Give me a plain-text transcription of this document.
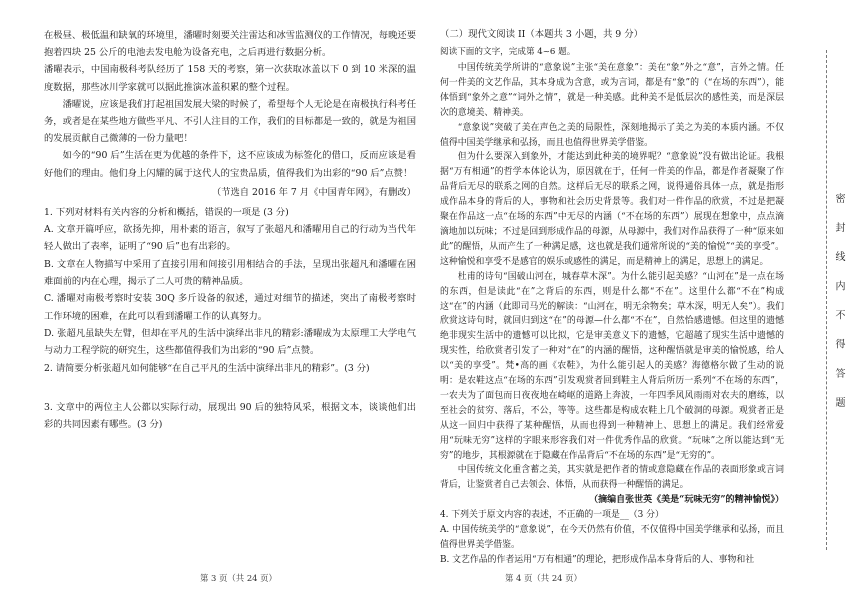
在极昼、极低温和缺氧的环境里，潘曜时刻要关注雷达和冰雪监测仪的工作情况，每晚还要抱着四块 25 公斤的电池去发电舱为设备充电，之后再进行数据分析。

潘曜表示，中国南极科考队经历了 158 天的考察，第一次获取冰盖以下 0 到 10 米深的温度数据，那些冰川学家就可以据此推演冰盖积累的整个过程。

潘曜说，应该是我们打起祖国发展大梁的时候了，希望每个人无论是在南极执行科考任务，或者是在某些地方做些平凡、不引人注目的工作，我们的目标都是一致的，就是为祖国的发展贡献自己微薄的一份力量吧！

如今的“90 后”生活在更为优越的条件下，这不应该成为标签化的借口，反而应该是看好他们的理由。他们身上闪耀的属于这代人的宝贵品质，值得我们为出彩的“90 后”点赞！

（节选自 2016 年 7 月《中国青年网》，有删改）

1. 下列对材料有关内容的分析和概括，错误的一项是 (3 分)

A. 文章开篇呼应，欲扬先抑，用朴素的语言，叙写了张超凡和潘曜用自己的行动为当代年轻人做出了表率，证明了“90 后”也有出彩的。

B. 文章在人物描写中采用了直接引用和间接引用相结合的手法，呈现出张超凡和潘曜在困难面前的内在心理，揭示了二人可贵的精神品质。

C. 潘曜对南极考察时安装 30Q 多斤设备的叙述，通过对细节的描述，突出了南极考察时工作环境的困难，在此可以看到潘曜工作的认真努力。

D. 张超凡虽缺失左臂，但却在平凡的生活中演绎出非凡的精彩:潘曜成为太原理工大学电气与动力工程学院的研究生，这些都值得我们为出彩的“90 后”点赞。

2. 请简要分析张超凡如何能够“在自己平凡的生活中演绎出非凡的精彩”。(3 分)

3. 文章中的两位主人公都以实际行动，展现出 90 后的独特风采，根据文本，谈谈他们出彩的共同因素有哪些。(3 分)

第 3 页（共 24 页）

（二）现代文阅读 II（本题共 3 小题，共 9 分）

阅读下面的文字，完成第 4~6 题。

中国传统美学所讲的“意象说”主张“美在意象”：美在“象”外之“意”，言外之情。任何一件美的文艺作品，其本身成为含意，或为言词，都是有“象”的（“在场的东西”），能体悟到“象外之意”“词外之情”，就是一种美感。此种美不是低层次的感性美，而是深层次的意境美、精神美。

“意象说”突破了美在声色之美的局限性，深刻地揭示了美之为美的本质内涵。不仅值得中国美学继承和弘扬，而且也值得世界美学借鉴。

但为什么要深入到象外，才能达到此种美的境界呢？“意象说”没有做出论证。我根据“万有相通”的哲学本体论认为，原因就在于，任何一件美的作品，都是作者凝聚了作品背后无尽的联系之网的自然。这样后无尽的联系之网，说得通俗具体一点，就是指形成作品本身的背后的人，事物和社会历史背景等。我们对一件作品的欣赏，不过是把凝聚在作品这一点“在场的东西”中无尽的内涵（“不在场的东西”）展现在想象中，点点滴滴地加以玩味；不过是回到形成作品的母源，从母源中，我们对作品获得了一种“原来如此”的醒悟，从而产生了一种满足感，这也就是我们通常所说的“美的愉悦”“美的享受”。这种愉悦和享受不是感官的娱乐或感性的满足，而是精神上的满足，思想上的满足。

杜甫的诗句“国破山河在，城春草木深”。为什么能引起美感？“山河在”是一点在场的东西，但是读此“在”之背后的东西，则是什么都“不在”。这里什么都“不在”构成这“在”的内涵（此即司马光的解读：“山河在，明无余物矣；草木深，明无人矣”）。我们欣赏这诗句时，就回归到这“在”的母源—什么都“不在”，自然恰感遗憾。但这里的遗憾绝非现实生活中的遗憾可以比拟，它是审美意义下的遗憾，它超越了现实生活中遗憾的现实性，给欣赏者引发了一种对“在”的内涵的醒悟，这种醒悟就是审美的愉悦感，给人以“美的享受”。梵•高的画《农鞋》，为什么能引起人的美感？海德格尔做了生动的说明：是农鞋这点“在场的东西”引发观赏者回到鞋主人背后所历一系列“不在场的东西”，一农夫为了面包而日夜夜地在崎岖的道路上奔波，一年四季风风雨雨对农夫的磨练，以至社会的贫穷、落后，不公，等等。这些都是构成农鞋上几个破洞的母源。观赏者正是从这一回归中获得了某种醒悟，从而也得到一种精神上、思想上的满足。我们经常爱用“玩味无穷”这样的字眼来形容我们对一件优秀作品的欣赏。“玩味”之所以能达到“无穷”的地步，其根源就在于隐藏在作品背后“不在场的东西”是“无穷的”。

中国传统文化重含蓄之美，其实就是把作者的情或意隐藏在作品的表面形象或言词背后，让鉴赏者自己去领会、体悟，从而获得一种醒悟的满足。

（摘编自张世英《美是“玩味无穷”的精神愉悦》）

4. 下列关于原文内容的表述，不正确的一项是__（3 分）

A. 中国传统美学的“意象说”，在今天仍然有价值，不仅值得中国美学继承和弘扬，而且值得世界美学借鉴。

B. 文艺作品的作者运用“万有相通”的理论，把形成作品本身背后的人、事物和社

第 4 页（共 24 页）
密 封 线 内 不 得 答 题
